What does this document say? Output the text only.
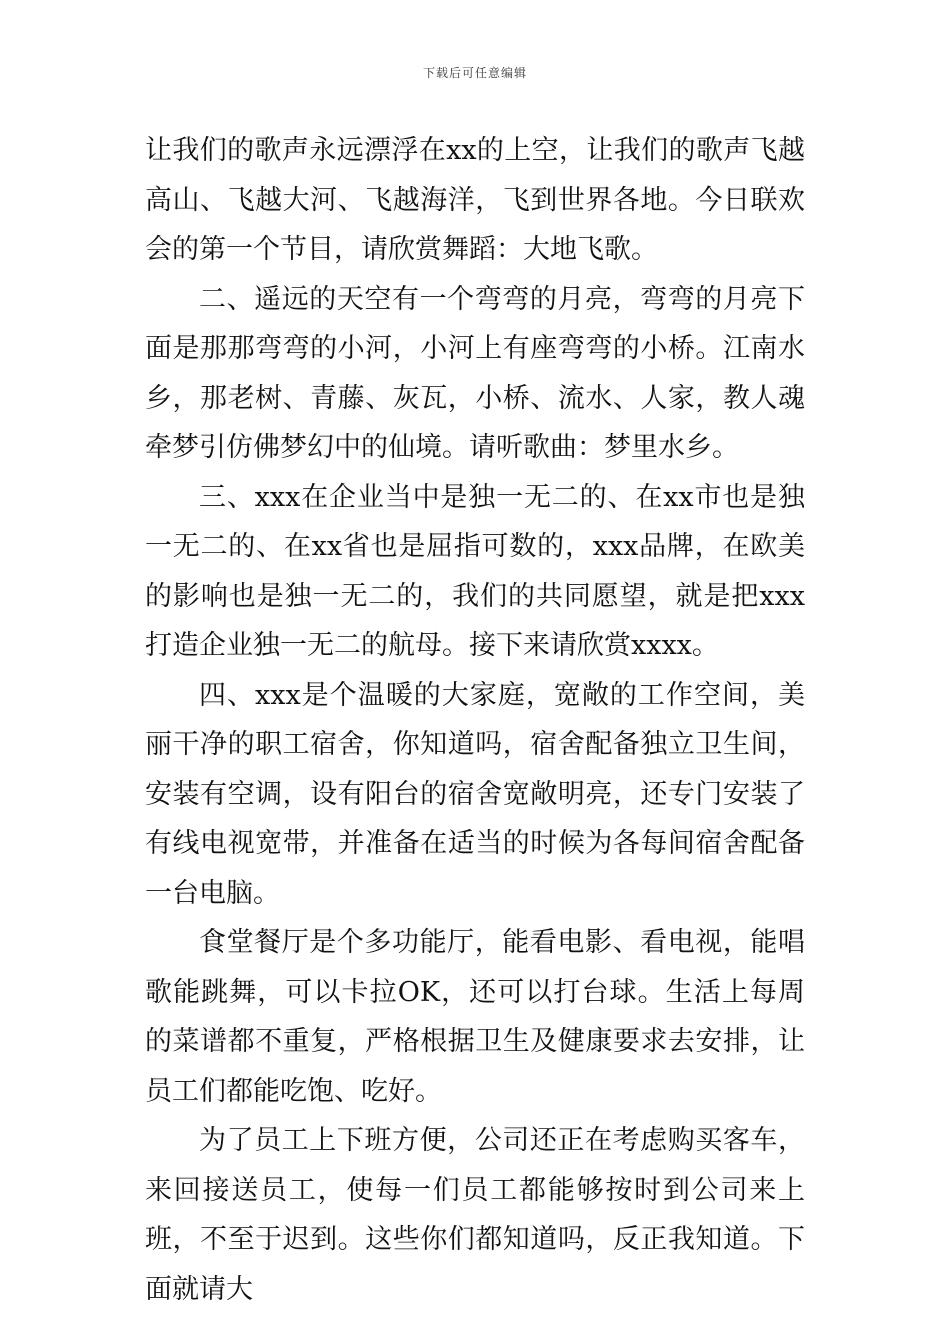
下载后可任意编辑

让我们的歌声永远漂浮在xx的上空，让我们的歌声飞越高山、飞越大河、飞越海洋，飞到世界各地。今日联欢会的第一个节目，请欣赏舞蹈：大地飞歌。

二、遥远的天空有一个弯弯的月亮，弯弯的月亮下面是那那弯弯的小河，小河上有座弯弯的小桥。江南水乡，那老树、青藤、灰瓦，小桥、流水、人家，教人魂牵梦引仿佛梦幻中的仙境。请听歌曲：梦里水乡。

三、xxx在企业当中是独一无二的、在xx市也是独一无二的、在xx省也是屈指可数的，xxx品牌，在欧美的影响也是独一无二的，我们的共同愿望，就是把xxx打造企业独一无二的航母。接下来请欣赏xxxx。

四、xxx是个温暖的大家庭，宽敞的工作空间，美丽干净的职工宿舍，你知道吗，宿舍配备独立卫生间，安装有空调，设有阳台的宿舍宽敞明亮，还专门安装了有线电视宽带，并准备在适当的时候为各每间宿舍配备一台电脑。

食堂餐厅是个多功能厅，能看电影、看电视，能唱歌能跳舞，可以卡拉OK，还可以打台球。生活上每周的菜谱都不重复，严格根据卫生及健康要求去安排，让员工们都能吃饱、吃好。

为了员工上下班方便，公司还正在考虑购买客车，来回接送员工，使每一们员工都能够按时到公司来上班，不至于迟到。这些你们都知道吗，反正我知道。下面就请大
